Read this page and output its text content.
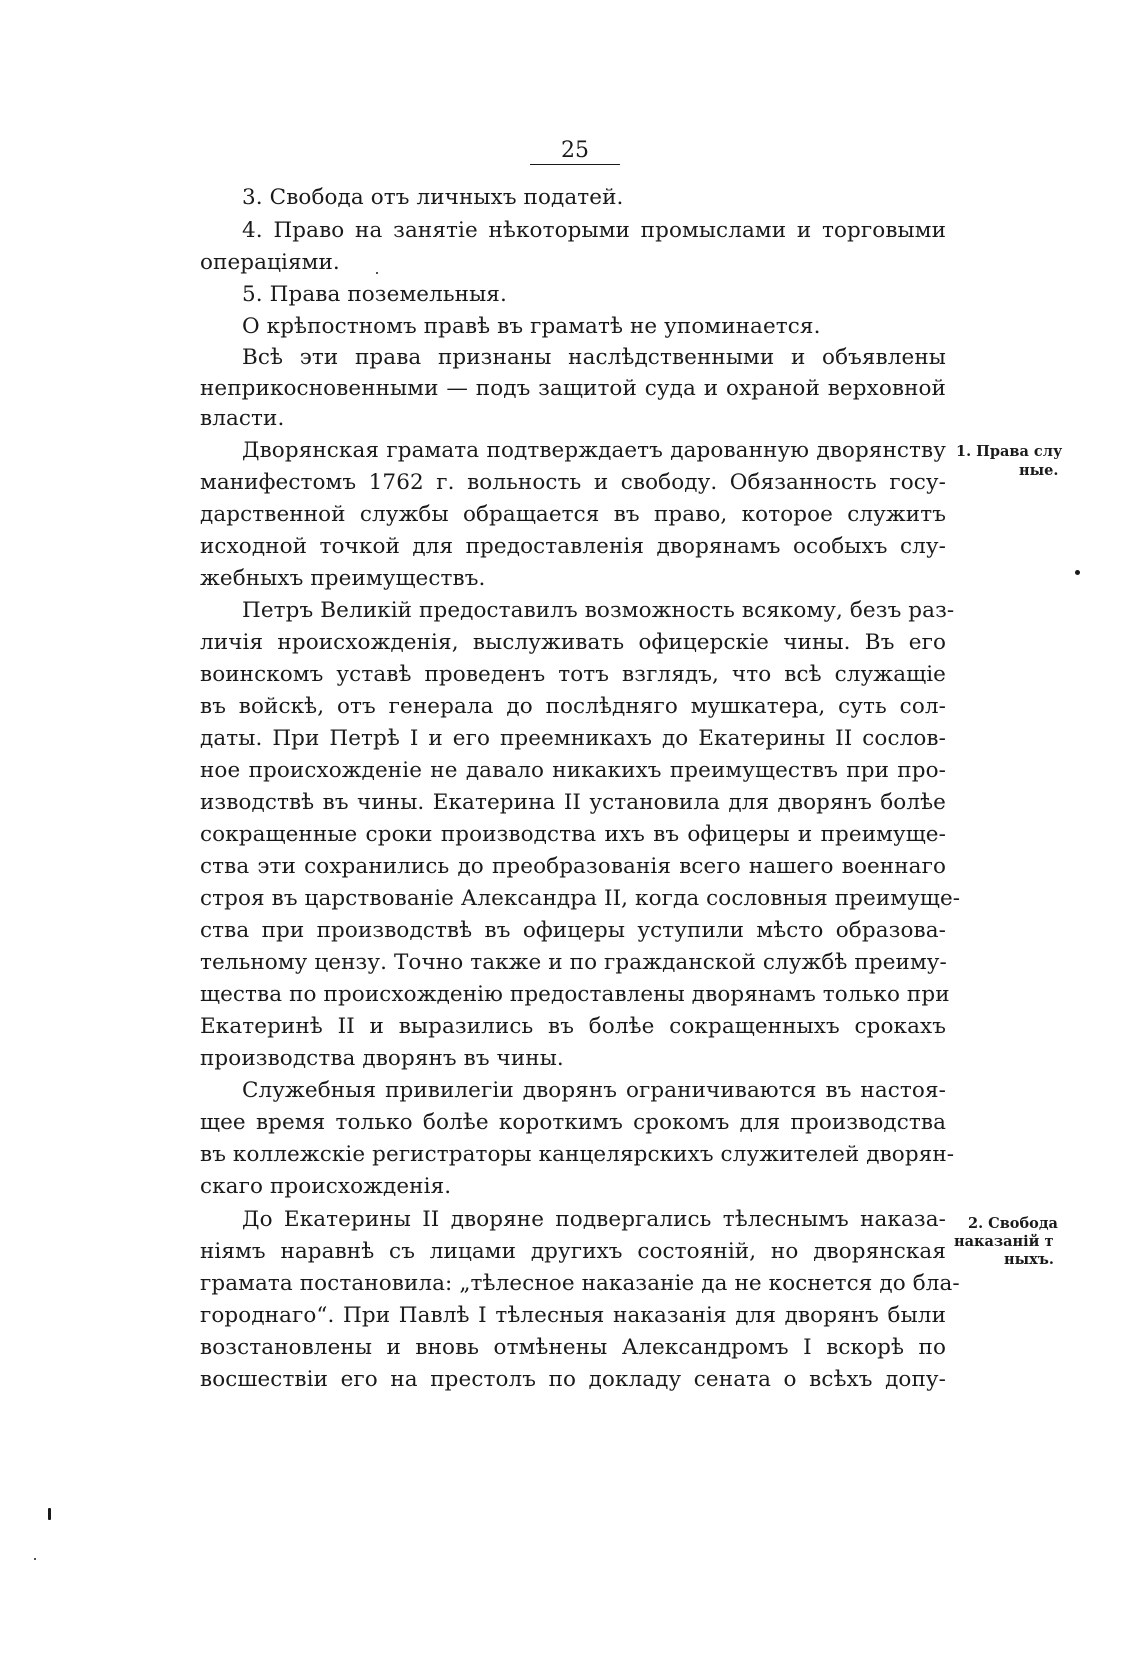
25
3. Свобода отъ личныхъ податей.
4. Право на занятіе нѣкоторыми промыслами и торговыми
операціями.
5. Права поземельныя.
О крѣпостномъ правѣ въ граматѣ не упоминается.
Всѣ эти права признаны наслѣдственными и объявлены
неприкосновенными — подъ защитой суда и охраной верховной
власти.
Дворянская грамата подтверждаетъ дарованную дворянству
манифестомъ 1762 г. вольность и свободу. Обязанность госу-
дарственной службы обращается въ право, которое служитъ
исходной точкой для предоставленія дворянамъ особыхъ слу-
жебныхъ преимуществъ.
Петръ Великій предоставилъ возможность всякому, безъ раз-
личія нроисхожденія, выслуживать офицерскіе чины. Въ его
воинскомъ уставѣ проведенъ тотъ взглядъ, что всѣ служащіе
въ войскѣ, отъ генерала до послѣдняго мушкатера, суть сол-
даты. При Петрѣ I и его преемникахъ до Екатерины II сослов-
ное происхожденіе не давало никакихъ преимуществъ при про-
изводствѣ въ чины. Екатерина II установила для дворянъ болѣе
сокращенные сроки производства ихъ въ офицеры и преимуще-
ства эти сохранились до преобразованія всего нашего военнаго
строя въ царствованіе Александра II, когда сословныя преимуще-
ства при производствѣ въ офицеры уступили мѣсто образова-
тельному цензу. Точно также и по гражданской службѣ преиму-
щества по происхожденію предоставлены дворянамъ только при
Екатеринѣ II и выразились въ болѣе сокращенныхъ срокахъ
производства дворянъ въ чины.
Служебныя привилегіи дворянъ ограничиваются въ настоя-
щее время только болѣе короткимъ срокомъ для производства
въ коллежскіе регистраторы канцелярскихъ служителей дворян-
скаго происхожденія.
До Екатерины II дворяне подвергались тѣлеснымъ наказа-
ніямъ наравнѣ съ лицами другихъ состояній, но дворянская
грамата постановила: „тѣлесное наказаніе да не коснется до бла-
городнаго“. При Павлѣ I тѣлесныя наказанія для дворянъ были
возстановлены и вновь отмѣнены Александромъ I вскорѣ по
восшествіи его на престолъ по докладу сената о всѣхъ допу-
1. Права слу
ные.
2. Свобода
наказаній т
ныхъ.
